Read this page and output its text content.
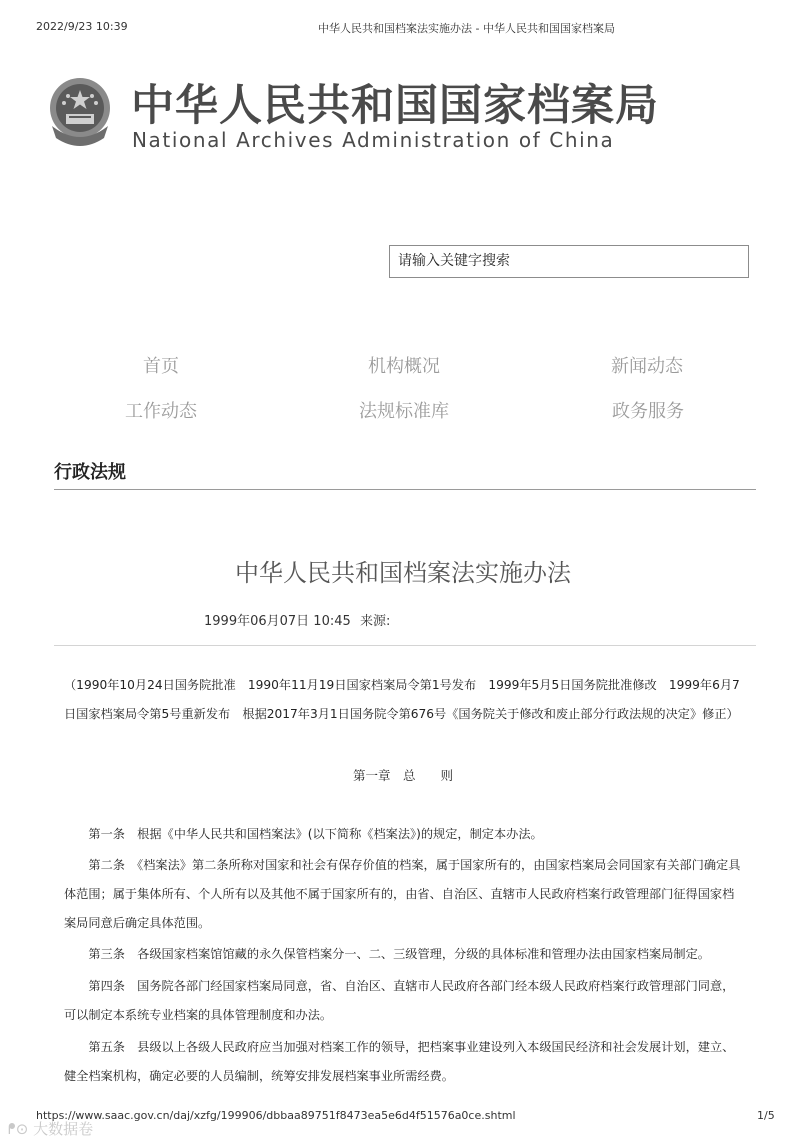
2022/9/23 10:39	中华人民共和国档案法实施办法 - 中华人民共和国国家档案局
中华人民共和国国家档案局
National Archives Administration of China
请输入关键字搜索
首页	机构概况	新闻动态
工作动态	法规标准库	政务服务
行政法规
中华人民共和国档案法实施办法
1999年06月07日 10:45 来源:
（1990年10月24日国务院批准　1990年11月19日国家档案局令第1号发布　1999年5月5日国务院批准修改　1999年6月7日国家档案局令第5号重新发布　根据2017年3月1日国务院令第676号《国务院关于修改和废止部分行政法规的决定》修正）
第一章　总　　则
第一条　根据《中华人民共和国档案法》(以下简称《档案法》)的规定，制定本办法。
第二条　《档案法》第二条所称对国家和社会有保存价值的档案，属于国家所有的，由国家档案局会同国家有关部门确定具体范围；属于集体所有、个人所有以及其他不属于国家所有的，由省、自治区、直辖市人民政府档案行政管理部门征得国家档案局同意后确定具体范围。
第三条　各级国家档案馆馆藏的永久保管档案分一、二、三级管理，分级的具体标准和管理办法由国家档案局制定。
第四条　国务院各部门经国家档案局同意，省、自治区、直辖市人民政府各部门经本级人民政府档案行政管理部门同意，可以制定本系统专业档案的具体管理制度和办法。
第五条　县级以上各级人民政府应当加强对档案工作的领导，把档案事业建设列入本级国民经济和社会发展计划，建立、健全档案机构，确定必要的人员编制，统筹安排发展档案事业所需经费。
https://www.saac.gov.cn/daj/xzfg/199906/dbbaa89751f8473ea5e6d4f51576a0ce.shtml	1/5
ᖰ⊙ 大数据卷
